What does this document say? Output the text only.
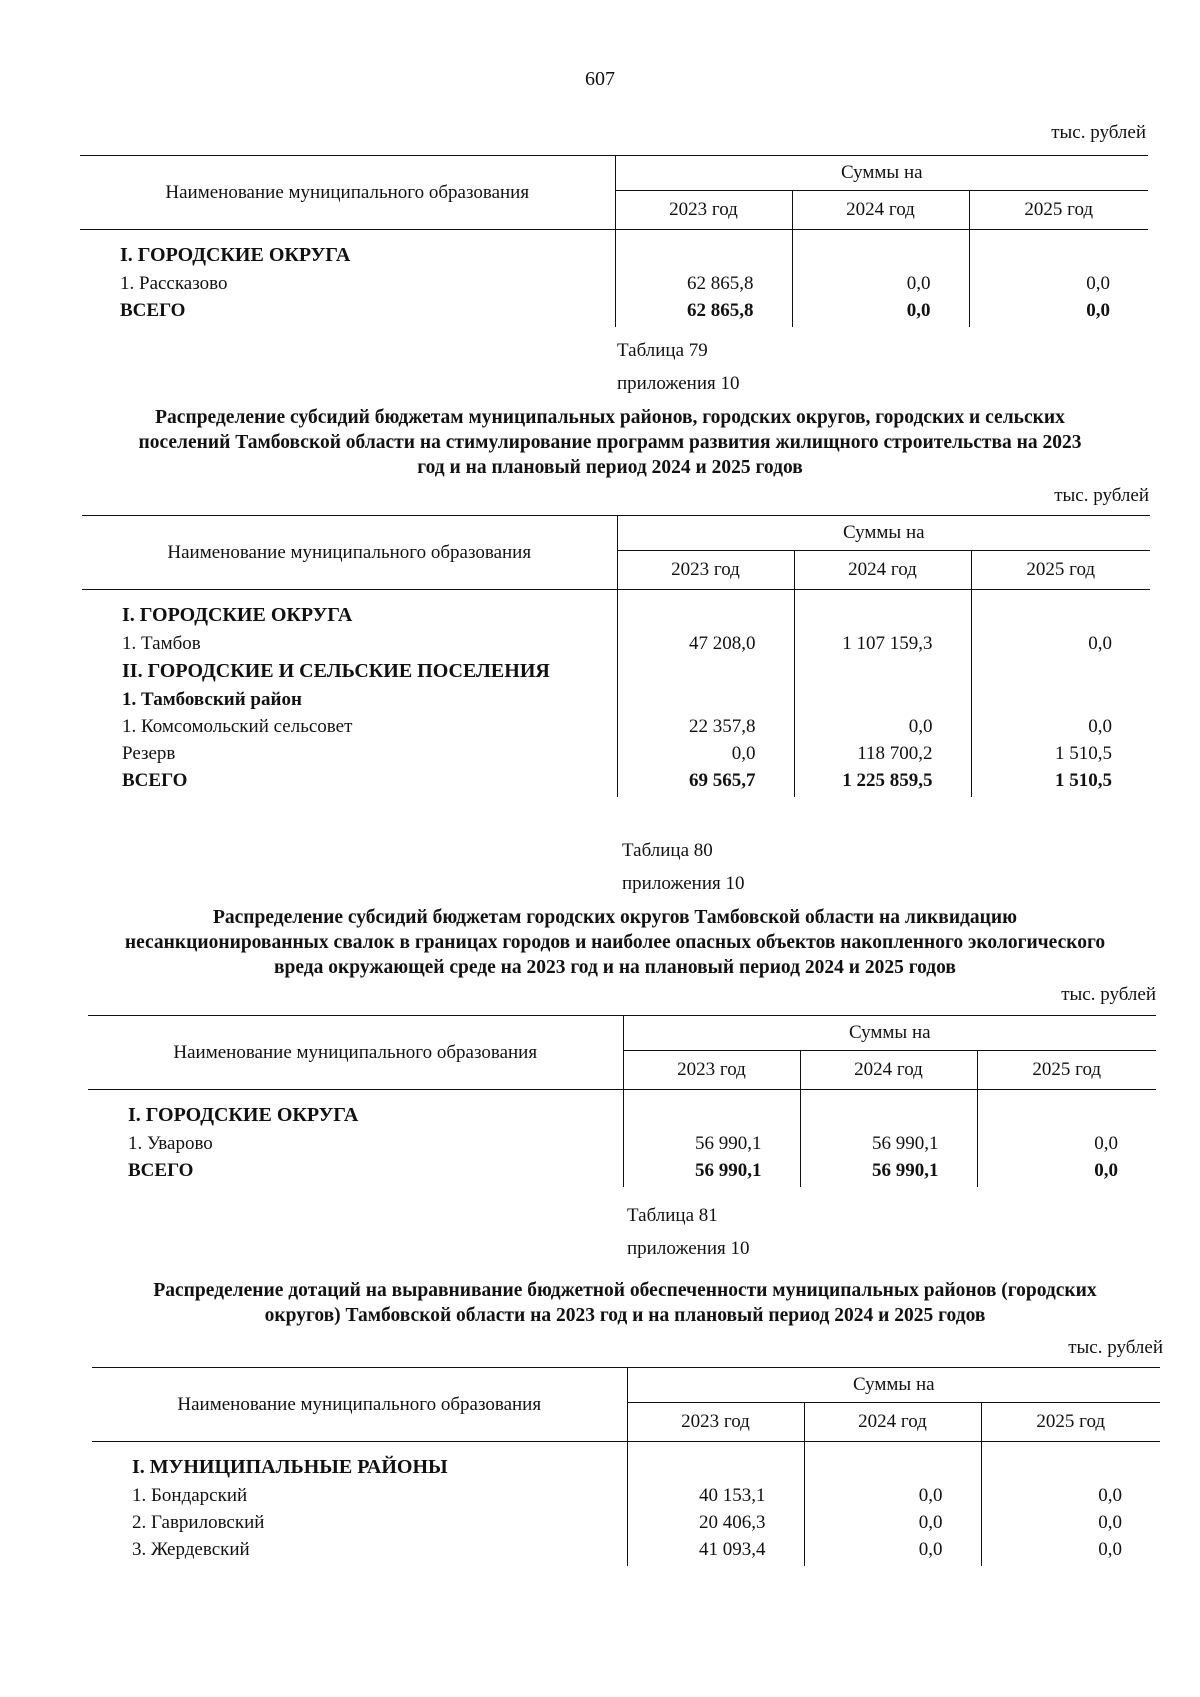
607
тыс. рублей
Наименование муниципального образования	Суммы на		
	2023 год	2024 год	2025 год

I. ГОРОДСКИЕ ОКРУГА			
1. Рассказово	62 865,8	0,0	0,0
ВСЕГО	62 865,8	0,0	0,0
Таблица 79
приложения 10
Распределение субсидий бюджетам муниципальных районов, городских округов, городских и сельских поселений Тамбовской области на стимулирование программ развития жилищного строительства на 2023 год и на плановый период 2024 и 2025 годов
тыс. рублей
Наименование муниципального образования	Суммы на		
	2023 год	2024 год	2025 год

I. ГОРОДСКИЕ ОКРУГА			
1. Тамбов	47 208,0	1 107 159,3	0,0
II. ГОРОДСКИЕ И СЕЛЬСКИЕ ПОСЕЛЕНИЯ			
1. Тамбовский район			
1. Комсомольский сельсовет	22 357,8	0,0	0,0
Резерв	0,0	118 700,2	1 510,5
ВСЕГО	69 565,7	1 225 859,5	1 510,5
Таблица 80
приложения 10
Распределение субсидий бюджетам городских округов Тамбовской области на ликвидацию несанкционированных свалок в границах городов и наиболее опасных объектов накопленного экологического вреда окружающей среде на 2023 год и на плановый период 2024 и 2025 годов
тыс. рублей
Наименование муниципального образования	Суммы на		
	2023 год	2024 год	2025 год

I. ГОРОДСКИЕ ОКРУГА			
1. Уварово	56 990,1	56 990,1	0,0
ВСЕГО	56 990,1	56 990,1	0,0
Таблица 81
приложения 10
Распределение дотаций на выравнивание бюджетной обеспеченности муниципальных районов (городских округов) Тамбовской области на 2023 год и на плановый период 2024 и 2025 годов
тыс. рублей
Наименование муниципального образования	Суммы на		
	2023 год	2024 год	2025 год

I. МУНИЦИПАЛЬНЫЕ РАЙОНЫ			
1. Бондарский	40 153,1	0,0	0,0
2. Гавриловский	20 406,3	0,0	0,0
3. Жердевский	41 093,4	0,0	0,0
